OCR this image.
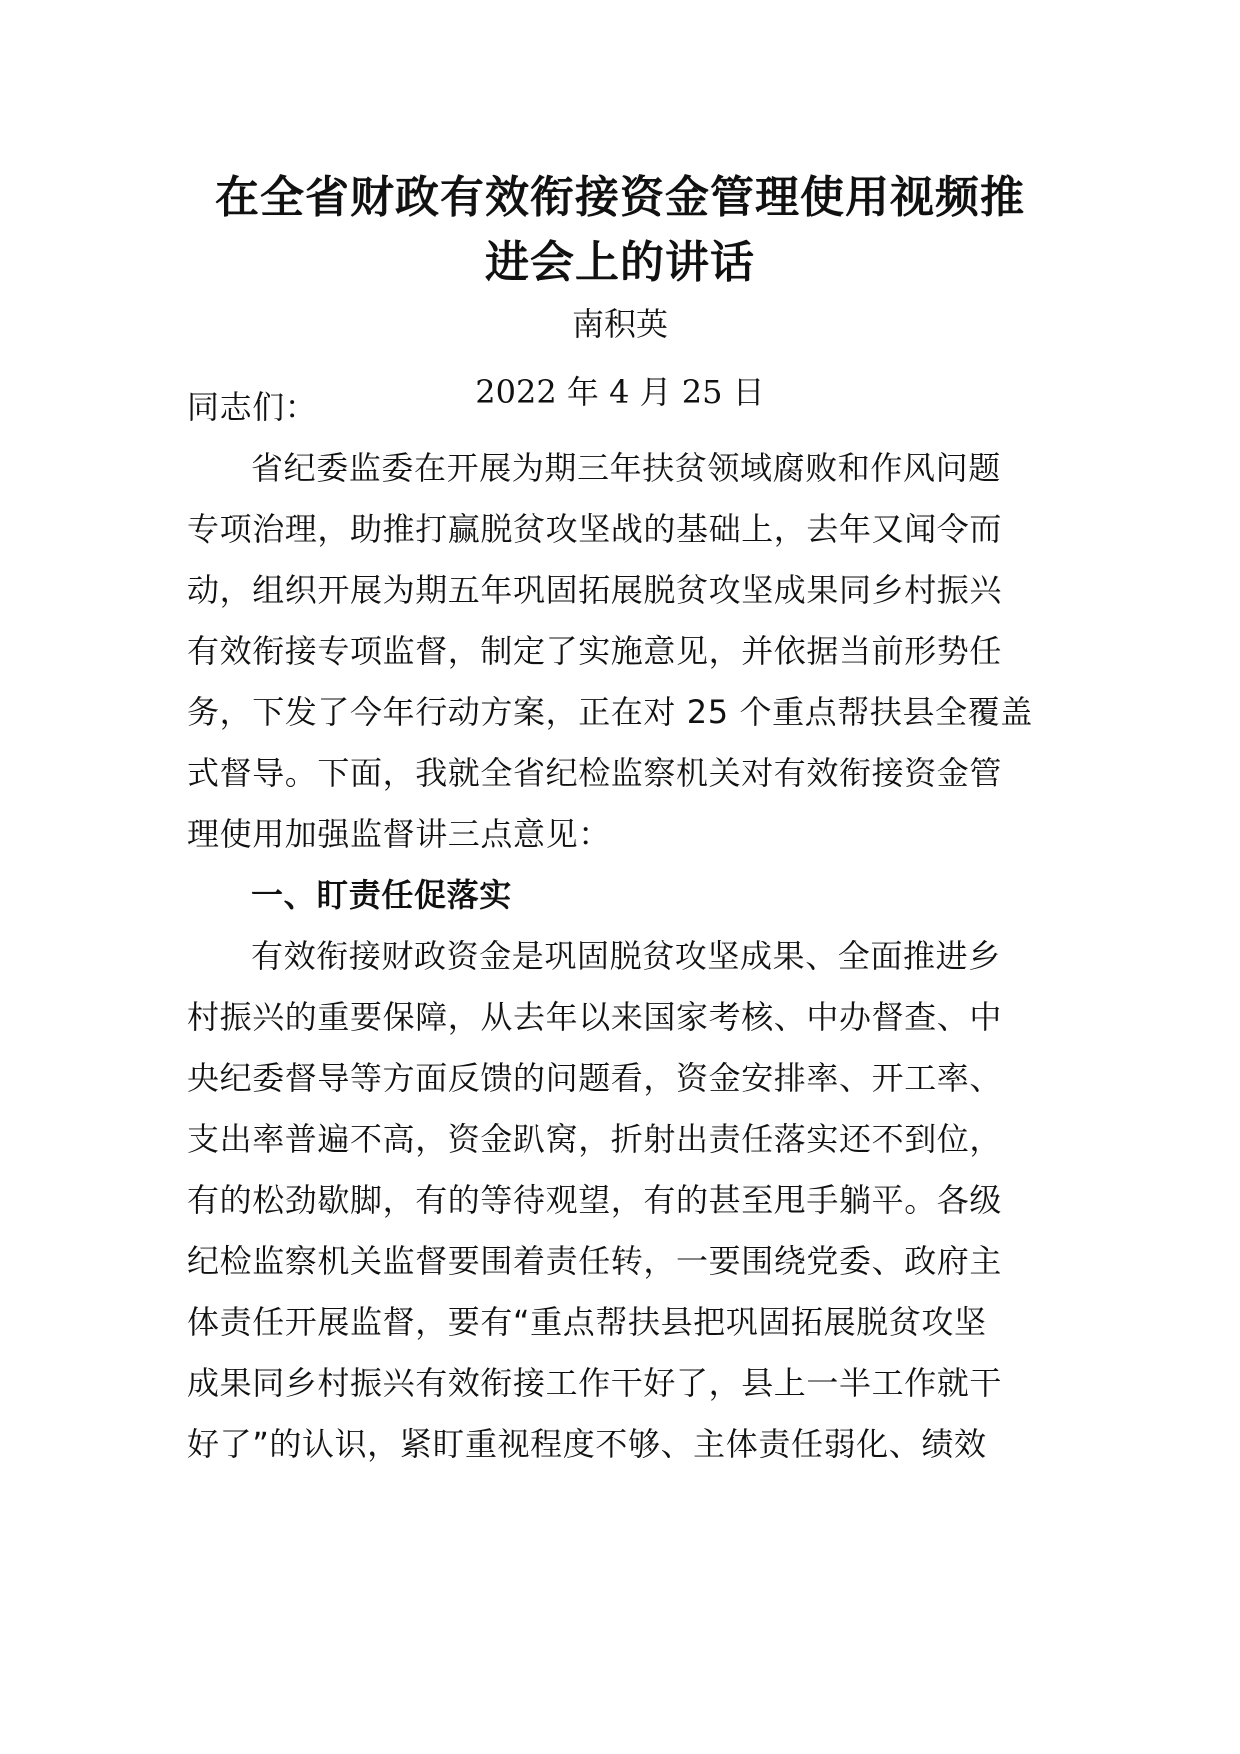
在全省财政有效衔接资金管理使用视频推
进会上的讲话
南积英
2022 年 4 月 25 日
同志们：
省纪委监委在开展为期三年扶贫领域腐败和作风问题
专项治理，助推打赢脱贫攻坚战的基础上，去年又闻令而
动，组织开展为期五年巩固拓展脱贫攻坚成果同乡村振兴
有效衔接专项监督，制定了实施意见，并依据当前形势任
务，下发了今年行动方案，正在对 25 个重点帮扶县全覆盖
式督导。下面，我就全省纪检监察机关对有效衔接资金管
理使用加强监督讲三点意见：
一、盯责任促落实
有效衔接财政资金是巩固脱贫攻坚成果、全面推进乡
村振兴的重要保障，从去年以来国家考核、中办督查、中
央纪委督导等方面反馈的问题看，资金安排率、开工率、
支出率普遍不高，资金趴窝，折射出责任落实还不到位，
有的松劲歇脚，有的等待观望，有的甚至甩手躺平。各级
纪检监察机关监督要围着责任转，一要围绕党委、政府主
体责任开展监督，要有“重点帮扶县把巩固拓展脱贫攻坚
成果同乡村振兴有效衔接工作干好了，县上一半工作就干
好了”的认识，紧盯重视程度不够、主体责任弱化、绩效
